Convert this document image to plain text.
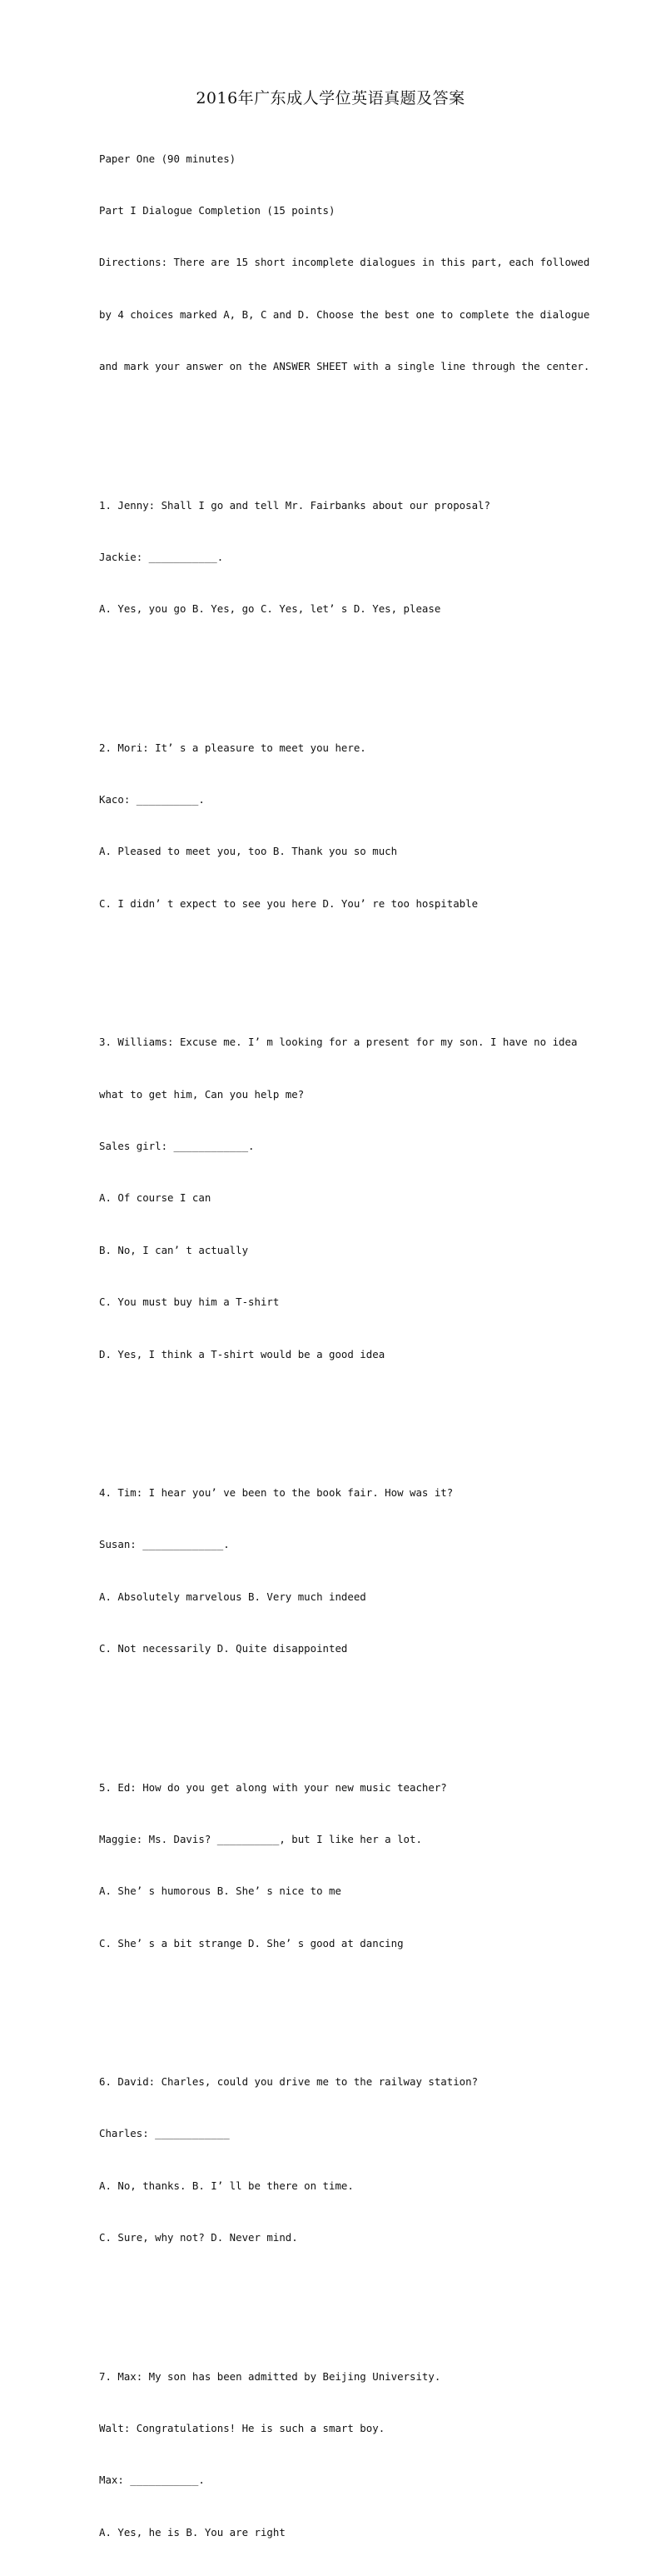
2016年广东成人学位英语真题及答案

Paper One (90 minutes)

Part I Dialogue Completion (15 points)

Directions: There are 15 short incomplete dialogues in this part, each followed

by 4 choices marked A, B, C and D. Choose the best one to complete the dialogue

and mark your answer on the ANSWER SHEET with a single line through the center.

1. Jenny: Shall I go and tell Mr. Fairbanks about our proposal?

Jackie: ___________.

A. Yes, you go B. Yes, go C. Yes, let’ s D. Yes, please

2. Mori: It’ s a pleasure to meet you here.

Kaco: __________.

A. Pleased to meet you, too B. Thank you so much

C. I didn’ t expect to see you here D. You’ re too hospitable

3. Williams: Excuse me. I’ m looking for a present for my son. I have no idea

what to get him, Can you help me?

Sales girl: ____________.

A. Of course I can

B. No, I can’ t actually

C. You must buy him a T-shirt

D. Yes, I think a T-shirt would be a good idea

4. Tim: I hear you’ ve been to the book fair. How was it?

Susan: _____________.

A. Absolutely marvelous B. Very much indeed

C. Not necessarily D. Quite disappointed

5. Ed: How do you get along with your new music teacher?

Maggie: Ms. Davis? __________, but I like her a lot.

A. She’ s humorous B. She’ s nice to me

C. She’ s a bit strange D. She’ s good at dancing

6. David: Charles, could you drive me to the railway station?

Charles: ____________

A. No, thanks. B. I’ ll be there on time.

C. Sure, why not? D. Never mind.

7. Max: My son has been admitted by Beijing University.

Walt: Congratulations! He is such a smart boy.

Max: ___________.

A. Yes, he is B. You are right
